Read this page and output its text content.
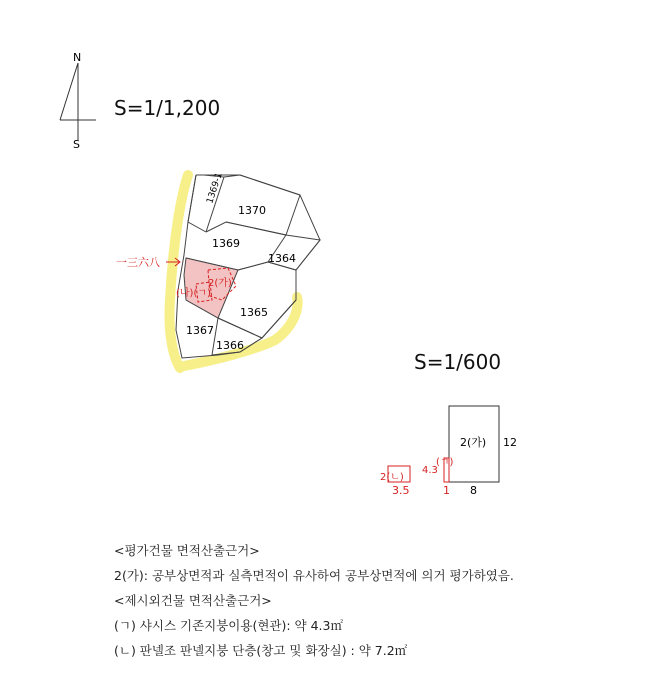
N
S
S=1/1,200
S=1/600
1369-1
1370
1369
1364
1365
1367
1366
一三六八
2(가)
(나)(ㄱ)
2(가) 12
8
(ㄱ)
4.3
1
2(ㄴ)
3.5
<평가건물 면적산출근거>
2(가): 공부상면적과 실측면적이 유사하여 공부상면적에 의거 평가하였음.
<제시외건물 면적산출근거>
(ㄱ) 샤시스 기존지붕이용(현관): 약 4.3㎡
(ㄴ) 판넬조 판넬지붕 단층(창고 및 화장실) : 약 7.2㎡
